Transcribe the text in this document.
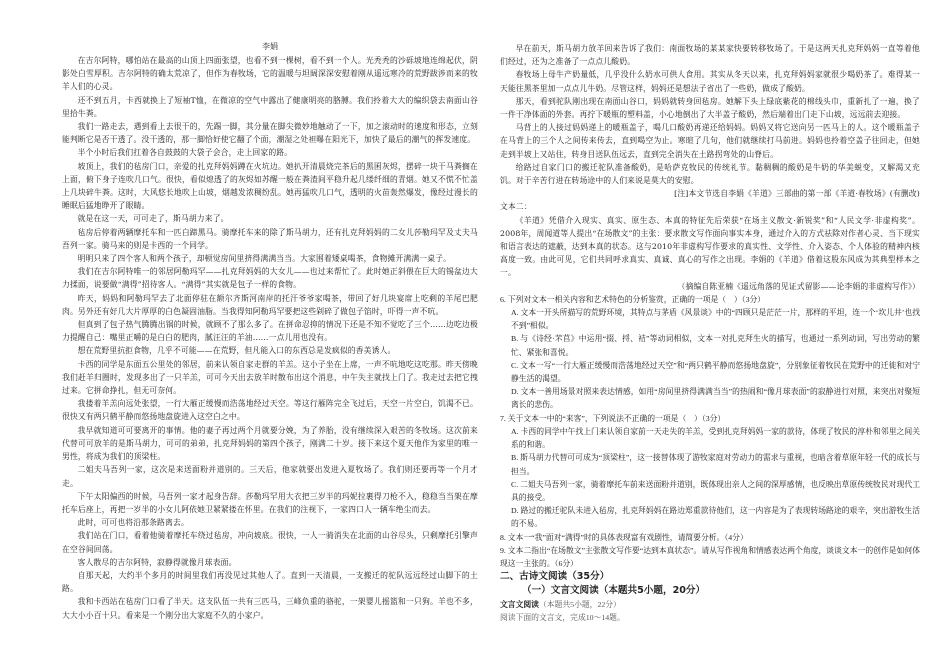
李娟

在吉尔阿特，哪怕站在最高的山顶上四面张望，也看不到一棵树，看不到一个人。光秃秃的沙砾坡地连绵起伏，阴影处白雪厚积。吉尔阿特的确太荒凉了，但作为春牧场，它的温暖与坦阔深深安慰着刚从遥远寒冷的荒野跋涉而来的牧羊人们的心灵。

还不到五月，卡西就换上了短袖T恤，在微凉的空气中露出了健康明亮的胳膊。我们拎着大大的编织袋去南面山谷里拾牛粪。

我们一路走去，遇到看上去很干的，先踢一脚，其分量在脚尖微妙地触动了一下，加之滚动时的速度和形态，立刻能判断它是否干透了。没干透的，那一脚恰好使它翻了个面，潮湿之处袒曝在阳光下，加快了最后的潮气的挥发速度。

半个小时后我们扛着各自鼓鼓的大袋子会合，走上回家的路。

坡顶上，我们的毡房门口，亲爱的扎克拜妈妈蹲在火坑边。她扒开清晨烧完茶后的黑囷灰烬，摆碎一块干马粪搁在上面，俯下身子连吹几口气。很快，看似熄透了的灰烬如苏醒一般在粪渣间平稳升起几缕纤细的青烟。她又不慌不忙盖上几块碎牛粪。这时，大风悠长地吹上山坡，烟越发浓稠纷乱。她再猛吹几口气，透明的火苗轰然爆发，像经过漫长的睡眠后猛地睁开了眼睛。

就是在这一天，可可走了，斯马胡力来了。

毡房后停着两辆摩托车和一匹白蹄黑马。骑摩托车来的除了斯马胡力，还有扎克拜妈妈的二女儿莎勒玛罕及丈夫马吾列一家。骑马来的则是卡西的一个同学。

明明只来了四个客人和两个孩子，却顿觉房间里挤得满满当当。大家围着矮桌喝茶，食物摊开满满一桌子。

我们在吉尔阿特唯一的邻居阿勒玛罕——扎克拜妈妈的大女儿——也过来帮忙了。此时她正斜偎在巨大的锡盆边大力揉面，说要做“满得”招待客人。“满得”其实就是包子一样的食物。

昨天，妈妈和阿勒玛罕去了北面停驻在额尔齐斯河南岸的托汗爷爷家喝茶，带回了好几块宴席上吃剩的羊尾巴肥肉。另外还有好几大片厚厚的白色凝固油脂。当我得知阿勒玛罕要把这些剁碎了做包子馅时，吓得一声不吭。

但真到了包子热气腾腾出锅的时候，就顾不了那么多了。在拼命忍抑的情况下还是不知不觉吃了三个……边吃边极力提醒自己：嘴里正嚼的是白白的肥肉，腻汪汪的羊油……一点儿用也没有。

想在荒野里抗拒食物，几乎不可能——在荒野，但凡能入口的东西总是发疯似的香美诱人。

卡西的同学是东面五公里处的邻居，前来认领自家走群的羊羔。这小子坐在上席，一声不吭地吃这吃那。昨天傍晚我们赶羊归圈时，发现多出了一只羊羔，可可今天出去放羊时散布出这个消息，中午失主就找上门了。我走过去把它拽过来。它拼命挣扎，但无可奈何。

我搂着羊羔向远处张望，一行大雁正缓慢而浩荡地经过天空。等这行雁阵完全飞过后，天空一片空白，饥渴不已。很快又有两只鹤平静而悠扬地盘旋进入这空白之中。

我早就知道可可要离开的事情。他的妻子再过两个月就要分娩，为了养胎，没有继续深入艰苦的冬牧场。这次前来代替可可放羊的是斯马胡力，可可的弟弟，扎克拜妈妈的第四个孩子，刚满二十岁。接下来这个夏天他作为家里的唯一男性，将成为我们的顶梁柱。

二姐夫马吾列一家，这次是来送面粉并道别的。三天后，他家就要出发进入夏牧场了。我们则还要再等一个月才走。

下午太阳偏西的时候，马吾列一家才起身告辞。莎勒玛罕用大衣把三岁半的玛妮拉裹得刀枪不入，稳稳当当架在摩托车后座上，再把一岁半的小女儿阿依她卫紧紧搂在怀里。在我们的注视下，一家四口人一辆车绝尘而去。

此时，可可也将沿那条路离去。

我们站在门口，看着他骑着摩托车绕过毡房，冲向坡底。很快，一人一骑消失在北面的山谷尽头，只剩摩托引擎声在空谷间回荡。

客人散尽的吉尔阿特，寂静得就像月球表面。

自那天起，大约半个多月的时间里我们再没见过其他人了。直到一天清晨，一支搬迁的驼队远远经过山脚下的土路。

我和卡西站在毡房门口看了半天。这支队伍一共有三匹马，三峰负重的骆驼，一架婴儿摇篮和一只狗。羊也不多，大大小小百十只。看来是一个刚分出大家庭不久的小家户。

早在前天，斯马胡力放羊回来告诉了我们：南面牧场的某某家快要转移牧场了。于是这两天扎克拜妈妈一直等着他们经过，还为之准备了一点点儿酸奶。

春牧场上母牛产奶量低，几乎没什么奶水可供人食用。其实从冬天以来，扎克拜妈妈家就很少喝奶茶了。难得某一天能往黑茶里加一点点儿牛奶。尽管这样，妈妈还是想法子省出了一些奶，做成了酸奶。

那天，看到驼队刚出现在南面山谷口，妈妈就转身回毡房。她解下头上绿底紫花的棉线头巾，重新扎了一遍，换了一件干净体面的外套。再拧下暖瓶的塑料盖，小心地倒出了大半盖子酸奶，然后端着出门走下山坡，远远前去迎接。

马背上的人接过妈妈递上的暖瓶盖子，喝几口酸奶再递还给妈妈。妈妈又将它送向另一匹马上的人。这个暖瓶盖子在马背上的三个人之间传来传去，直到喝空为止。寒暄了几句，他们就继续打马前进。妈妈也拎着空盖子往回走，但她走到半坡上又站住，转身目送队伍远去，直到完全消失在土路拐弯处的山脊后。

给路过自家门口的搬迁驼队准备酸奶，是哈萨克牧民的传统礼节。黏稠稠的酸奶是牛奶的华美蜕变，又解渴又充饥。对于辛苦行进在转场途中的人们来说是莫大的安慰。

[注]本文节选自李娟《羊道》三部曲的第一部《羊道·春牧场》(有删改)

文本二：

《羊道》凭借介入现实、真实、原生态、本真的特征先后荣获“在场主义散文·新锐奖”和“人民文学·非虚构奖”。2008年，周闻道等人提出“在场散文”的主张：要求散文写作面向事实本身，通过介入的方式祛除对作者心灵、当下现实和语言表达的遮蔽，达到本真的状态。这与2010年非虚构写作要求的真实性、文学性、介入姿态、个人体验的精神内核高度一致。由此可见，它们共同呼求真实、真诚、真心的写作之出现。李娟的《羊道》借着这股东风成为其典型样本之一。

（摘编自陈亚楠《遥远角落的见证式留影——论李娟的非虚构写作》）

6. 下列对文本一相关内容和艺术特色的分析鉴赏，正确的一项是（　）（3分）

A. 文本一开头所描写的荒野环境，其特点与茅盾《风景谈》中的“四顾只是茫茫一片，那样的平坦，连一个‘坎儿井’也找不到”相似。

B. 与《诗经·芣苢》中运用“掇、捋、袺”等动词相似，文本一对扎克拜生火的描写，也通过一系列动词，写出劳动的繁忙、紧张和喜悦。

C. 文本一写“一行大雁正缓慢而浩荡地经过天空”和“两只鹤平静而悠扬地盘旋”，分别象征着牧民在荒野中的迁徙和对宁静生活的渴望。

D. 文本一善用场景对照来表达情感，如用“房间里挤得满满当当”的热闹和“像月球表面”的寂静进行对照，来突出对聚短离长的悲伤。

7. 关于文本一中的“来客”，下列说法不正确的一项是（　）（3分）

A. 卡西的同学中午找上门来认领自家前一天走失的羊羔，受到扎克拜妈妈一家的款待，体现了牧民的淳朴和邻里之间关系的和谐。

B. 斯马胡力代替可可成为“顶梁柱”，这一接替体现了游牧家庭对劳动力的需求与重视，也暗含着草原年轻一代的成长与担当。

C. 二姐夫马吾列一家，骑着摩托车前来送面粉并道别，既体现出亲人之间的深厚感情，也反映出草原传统牧民对现代工具的接受。

D. 路过的搬迁驼队未进入毡房，扎克拜妈妈在路边郑重款待他们，这一内容是为了表现转场路途的艰辛，突出游牧生活的不易。

8. 文本一“我”面对“满得”时的具体表现富有戏剧性，请简要分析。（4分）

9. 文本二指出“在场散文”主张散文写作要“达到本真状态”。请从写作视角和情感表达两个角度，谈谈文本一的创作是如何体现这一主张的。（6分）

二、古诗文阅读（35分）

（一）文言文阅读（本题共5小题，20分）

文言文阅读（本题共5小题，22分）

阅读下面的文言文，完成10～14题。
